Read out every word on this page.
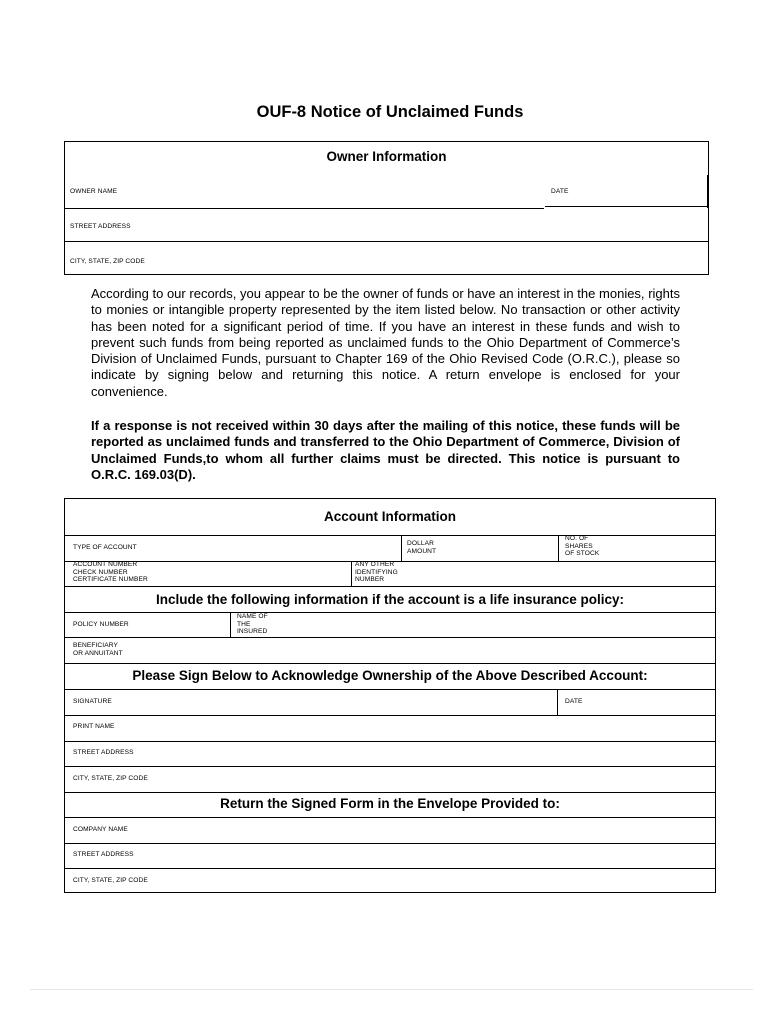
OUF-8 Notice of Unclaimed Funds
Owner Information
OWNER NAME	DATE
STREET ADDRESS
CITY, STATE, ZIP CODE
According to our records, you appear to be the owner of funds or have an interest in the monies, rights to monies or intangible property represented by the item listed below. No transaction or other activity has been noted for a significant period of time. If you have an interest in these funds and wish to prevent such funds from being reported as unclaimed funds to the Ohio Department of Commerce’s Division of Unclaimed Funds, pursuant to Chapter 169 of the Ohio Revised Code (O.R.C.), please so indicate by signing below and returning this notice. A return envelope is enclosed for your convenience.
If a response is not received within 30 days after the mailing of this notice, these funds will be reported as unclaimed funds and transferred to the Ohio Department of Commerce, Division of Unclaimed Funds,to whom all further claims must be directed. This notice is pursuant to O.R.C. 169.03(D).
Account Information
TYPE OF ACCOUNT
DOLLAR
AMOUNT
NO. OF
SHARES
OF STOCK
ACCOUNT NUMBER
CHECK NUMBER
CERTIFICATE NUMBER
ANY OTHER
IDENTIFYING
NUMBER
Include the following information if the account is a life insurance policy:
POLICY NUMBER
NAME OF
THE
INSURED
BENEFICIARY
OR ANNUITANT
Please Sign Below to Acknowledge Ownership of the Above Described Account:
SIGNATURE	DATE
PRINT NAME
STREET ADDRESS
CITY, STATE, ZIP CODE
Return the Signed Form in the Envelope Provided to:
COMPANY NAME
STREET ADDRESS
CITY, STATE, ZIP CODE
